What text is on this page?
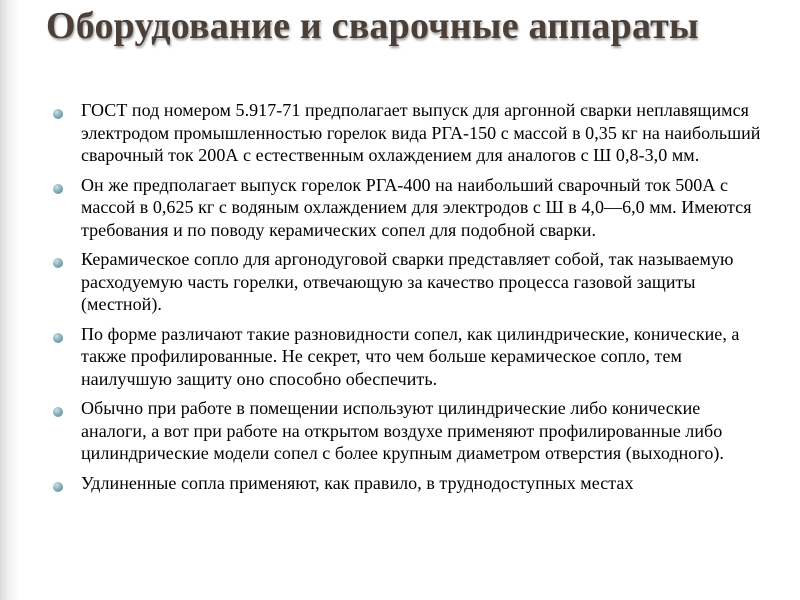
Оборудование и сварочные аппараты
ГОСТ под номером 5.917-71 предполагает выпуск для аргонной сварки неплавящимся электродом промышленностью горелок вида РГА-150 с массой в 0,35 кг на наибольший сварочный ток 200А с естественным охлаждением для аналогов с Ш 0,8-3,0 мм.
Он же предполагает выпуск горелок РГА-400 на наибольший сварочный ток 500А с массой в 0,625 кг с водяным охлаждением для электродов с Ш в 4,0—6,0 мм. Имеются требования и по поводу керамических сопел для подобной сварки.
Керамическое сопло для аргонодуговой сварки представляет собой, так называемую расходуемую часть горелки, отвечающую за качество процесса газовой защиты (местной).
По форме различают такие разновидности сопел, как цилиндрические, конические, а также профилированные. Не секрет, что чем больше керамическое сопло, тем наилучшую защиту оно способно обеспечить.
Обычно при работе в помещении используют цилиндрические либо конические аналоги, а вот при работе на открытом воздухе применяют профилированные либо цилиндрические модели сопел с более крупным диаметром отверстия (выходного).
Удлиненные сопла применяют, как правило, в труднодоступных местах
